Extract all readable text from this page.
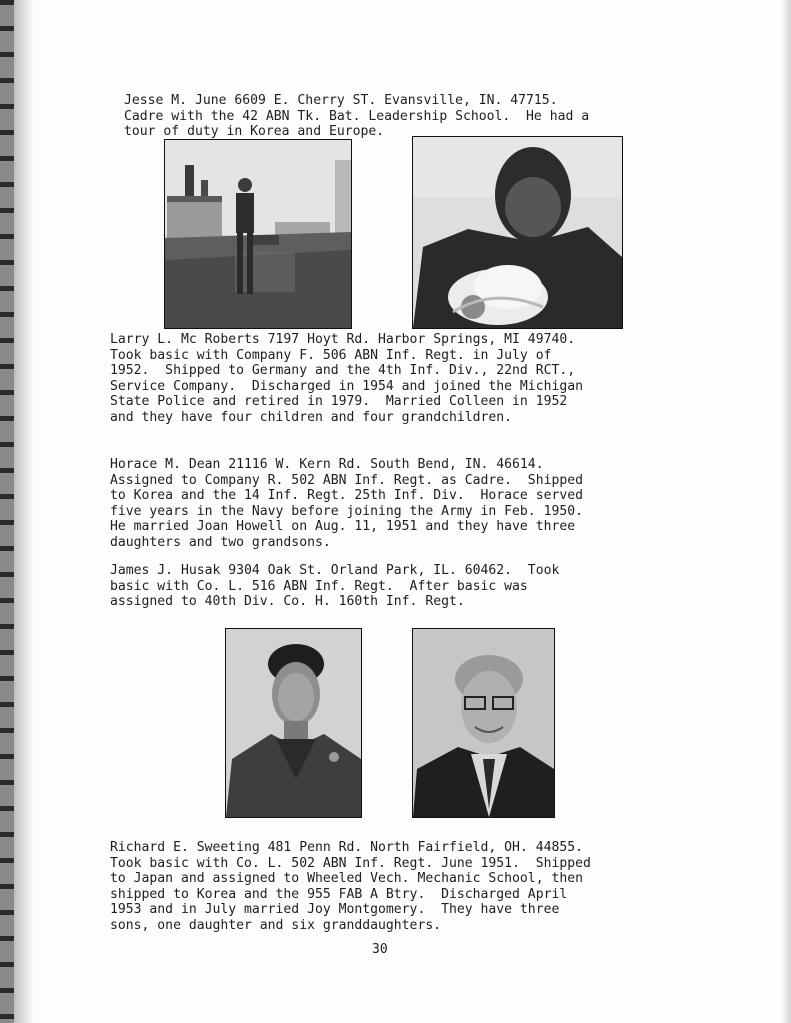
Jesse M. June 6609 E. Cherry ST. Evansville, IN. 47715.
Cadre with the 42 ABN Tk. Bat. Leadership School.  He had a
tour of duty in Korea and Europe.
Larry L. Mc Roberts 7197 Hoyt Rd. Harbor Springs, MI 49740.
Took basic with Company F. 506 ABN Inf. Regt. in July of
1952.  Shipped to Germany and the 4th Inf. Div., 22nd RCT.,
Service Company.  Discharged in 1954 and joined the Michigan
State Police and retired in 1979.  Married Colleen in 1952
and they have four children and four grandchildren.
Horace M. Dean 21116 W. Kern Rd. South Bend, IN. 46614.
Assigned to Company R. 502 ABN Inf. Regt. as Cadre.  Shipped
to Korea and the 14 Inf. Regt. 25th Inf. Div.  Horace served
five years in the Navy before joining the Army in Feb. 1950.
He married Joan Howell on Aug. 11, 1951 and they have three
daughters and two grandsons.
James J. Husak 9304 Oak St. Orland Park, IL. 60462.  Took
basic with Co. L. 516 ABN Inf. Regt.  After basic was
assigned to 40th Div. Co. H. 160th Inf. Regt.
Richard E. Sweeting 481 Penn Rd. North Fairfield, OH. 44855.
Took basic with Co. L. 502 ABN Inf. Regt. June 1951.  Shipped
to Japan and assigned to Wheeled Vech. Mechanic School, then
shipped to Korea and the 955 FAB A Btry.  Discharged April
1953 and in July married Joy Montgomery.  They have three
sons, one daughter and six granddaughters.
30
